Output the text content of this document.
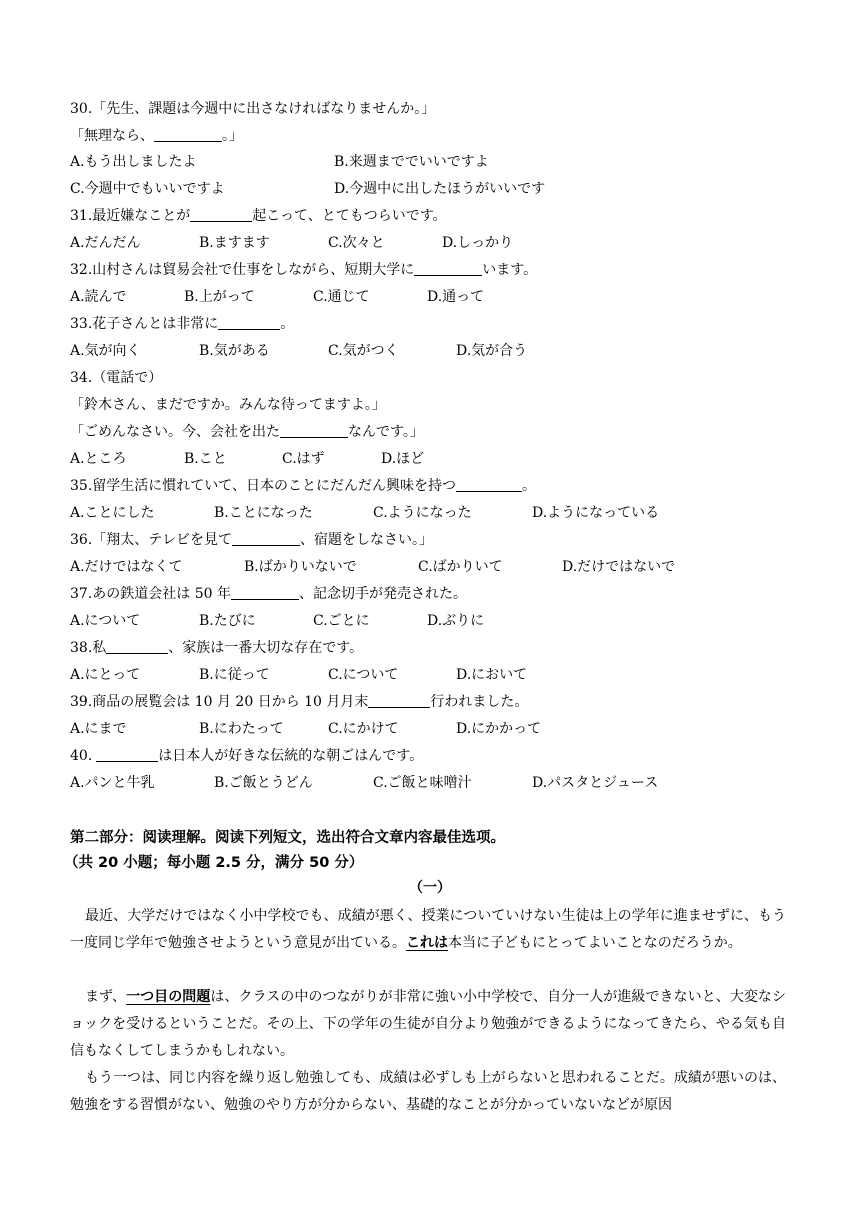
30.「先生、課題は今週中に出さなければなりませんか。」
「無理なら、	。」
A.もう出しましたよ	B.来週まででいいですよ
C.今週中でもいいですよ	D.今週中に出したほうがいいです
31.最近嫌なことが	起こって、とてもつらいです。
A.だんだん	B.ますます	C.次々と	D.しっかり
32.山村さんは貿易会社で仕事をしながら、短期大学に	います。
A.読んで	B.上がって	C.通じて	D.通って
33.花子さんとは非常に	。
A.気が向く	B.気がある	C.気がつく	D.気が合う
34.（電話で）
「鈴木さん、まだですか。みんな待ってますよ。」
「ごめんなさい。今、会社を出た	なんです。」
A.ところ	B.こと	C.はず	D.ほど
35.留学生活に慣れていて、日本のことにだんだん興味を持つ	。
A.ことにした	B.ことになった	C.ようになった	D.ようになっている
36.「翔太、テレビを見て	、宿題をしなさい。」
A.だけではなくて	B.ばかりいないで	C.ばかりいて	D.だけではないで
37.あの鉄道会社は 50 年	、記念切手が発売された。
A.について	B.たびに	C.ごとに	D.ぶりに
38.私	、家族は一番大切な存在です。
A.にとって	B.に従って	C.について	D.において
39.商品の展覧会は 10 月 20 日から 10 月月末	行われました。
A.にまで	B.にわたって	C.にかけて	D.にかかって
40.	は日本人が好きな伝統的な朝ごはんです。
A.パンと牛乳	B.ご飯とうどん	C.ご飯と味噌汁	D.パスタとジュース
第二部分：阅读理解。阅读下列短文，选出符合文章内容最佳选项。
（共 20 小题；每小题 2.5 分，满分 50 分）
（一）
最近、大学だけではなく小中学校でも、成績が悪く、授業についていけない生徒は上の学年に進ませずに、もう一度同じ学年で勉強させようという意見が出ている。これは本当に子どもにとってよいことなのだろうか。
まず、一つ目の問題は、クラスの中のつながりが非常に強い小中学校で、自分一人が進級できないと、大変なショックを受けるということだ。その上、下の学年の生徒が自分より勉強ができるようになってきたら、やる気も自信もなくしてしまうかもしれない。
もう一つは、同じ内容を繰り返し勉強しても、成績は必ずしも上がらないと思われることだ。成績が悪いのは、勉強をする習慣がない、勉強のやり方が分からない、基礎的なことが分かっていないなどが原因
